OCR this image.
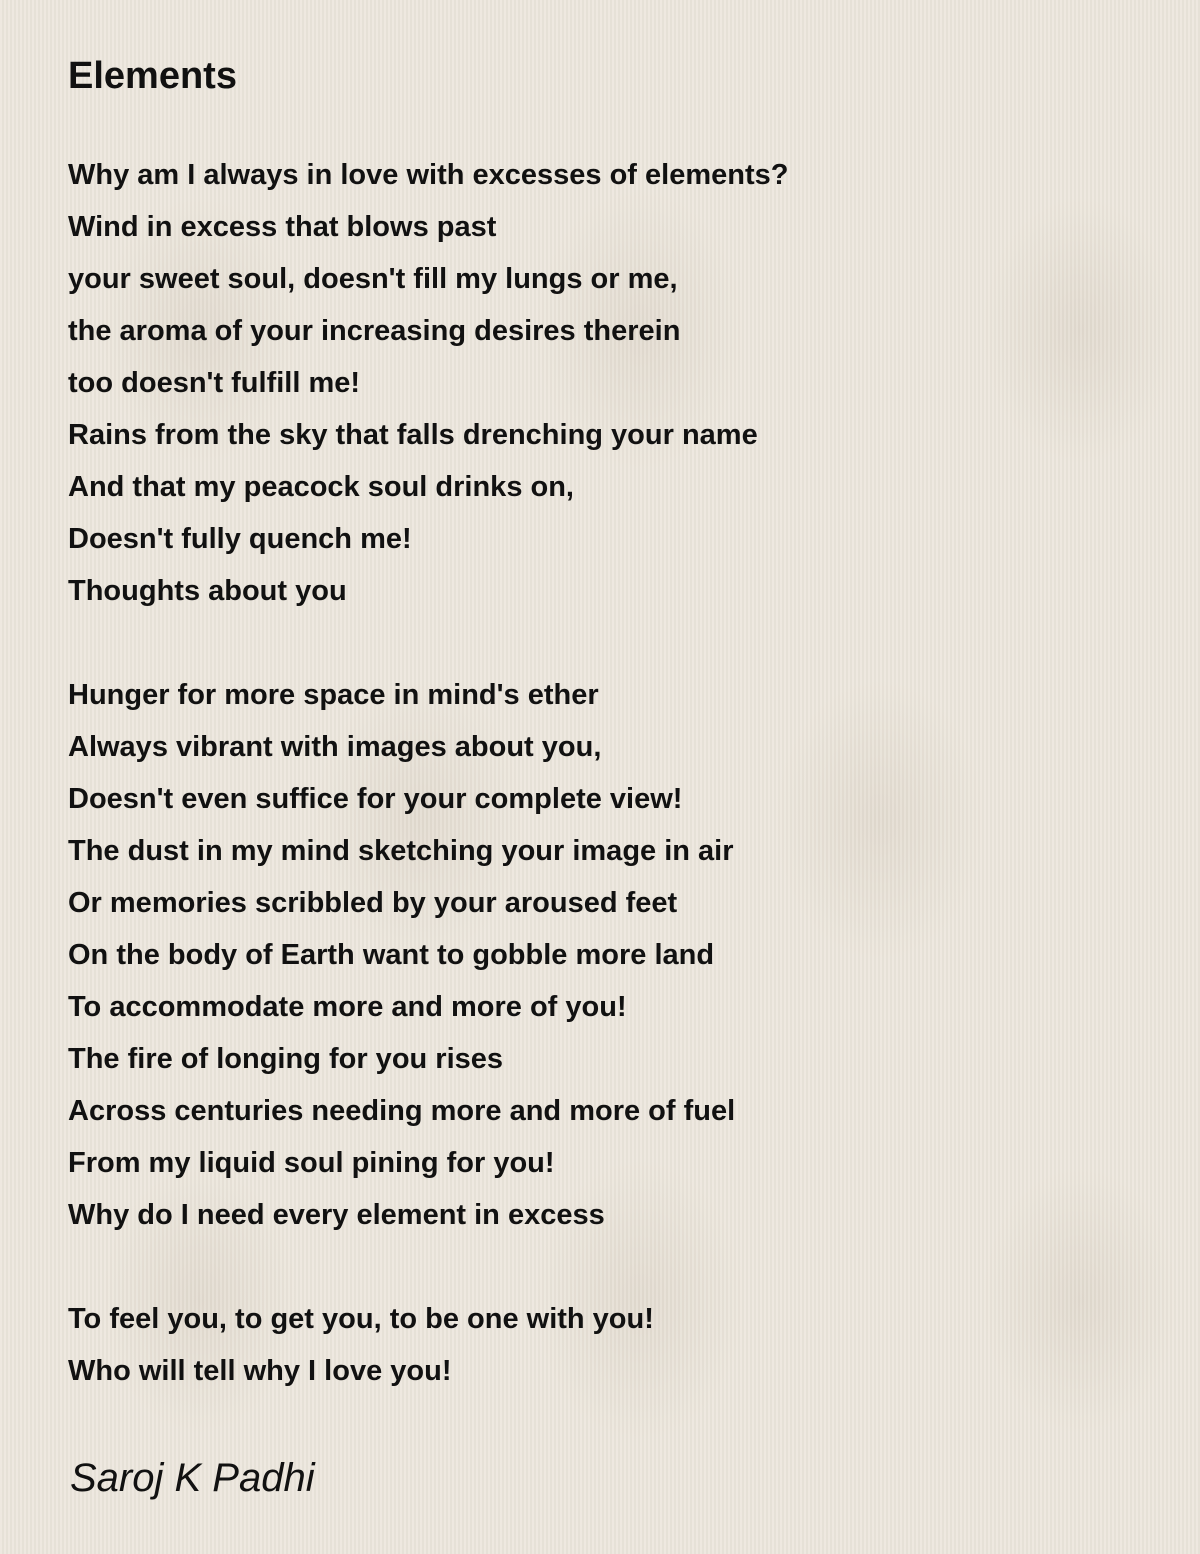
Elements
Why am I always in love with excesses of elements?
Wind in excess that blows past
your sweet soul, doesn't fill my lungs or me,
the aroma of your increasing desires therein
too doesn't fulfill me!
Rains from the sky that falls drenching your name
And that my peacock soul drinks on,
Doesn't fully quench me!
Thoughts about you
Hunger for more space in mind's ether
Always vibrant with images about you,
Doesn't even suffice for your complete view!
The dust in my mind sketching your image in air
Or memories scribbled by your aroused feet
On the body of Earth want to gobble more land
To accommodate more and more of you!
The fire of longing for you rises
Across centuries needing more and more of fuel
From my liquid soul pining for you!
Why do I need every element in excess
To feel you, to get you, to be one with you!
Who will tell why I love you!

Saroj K Padhi
